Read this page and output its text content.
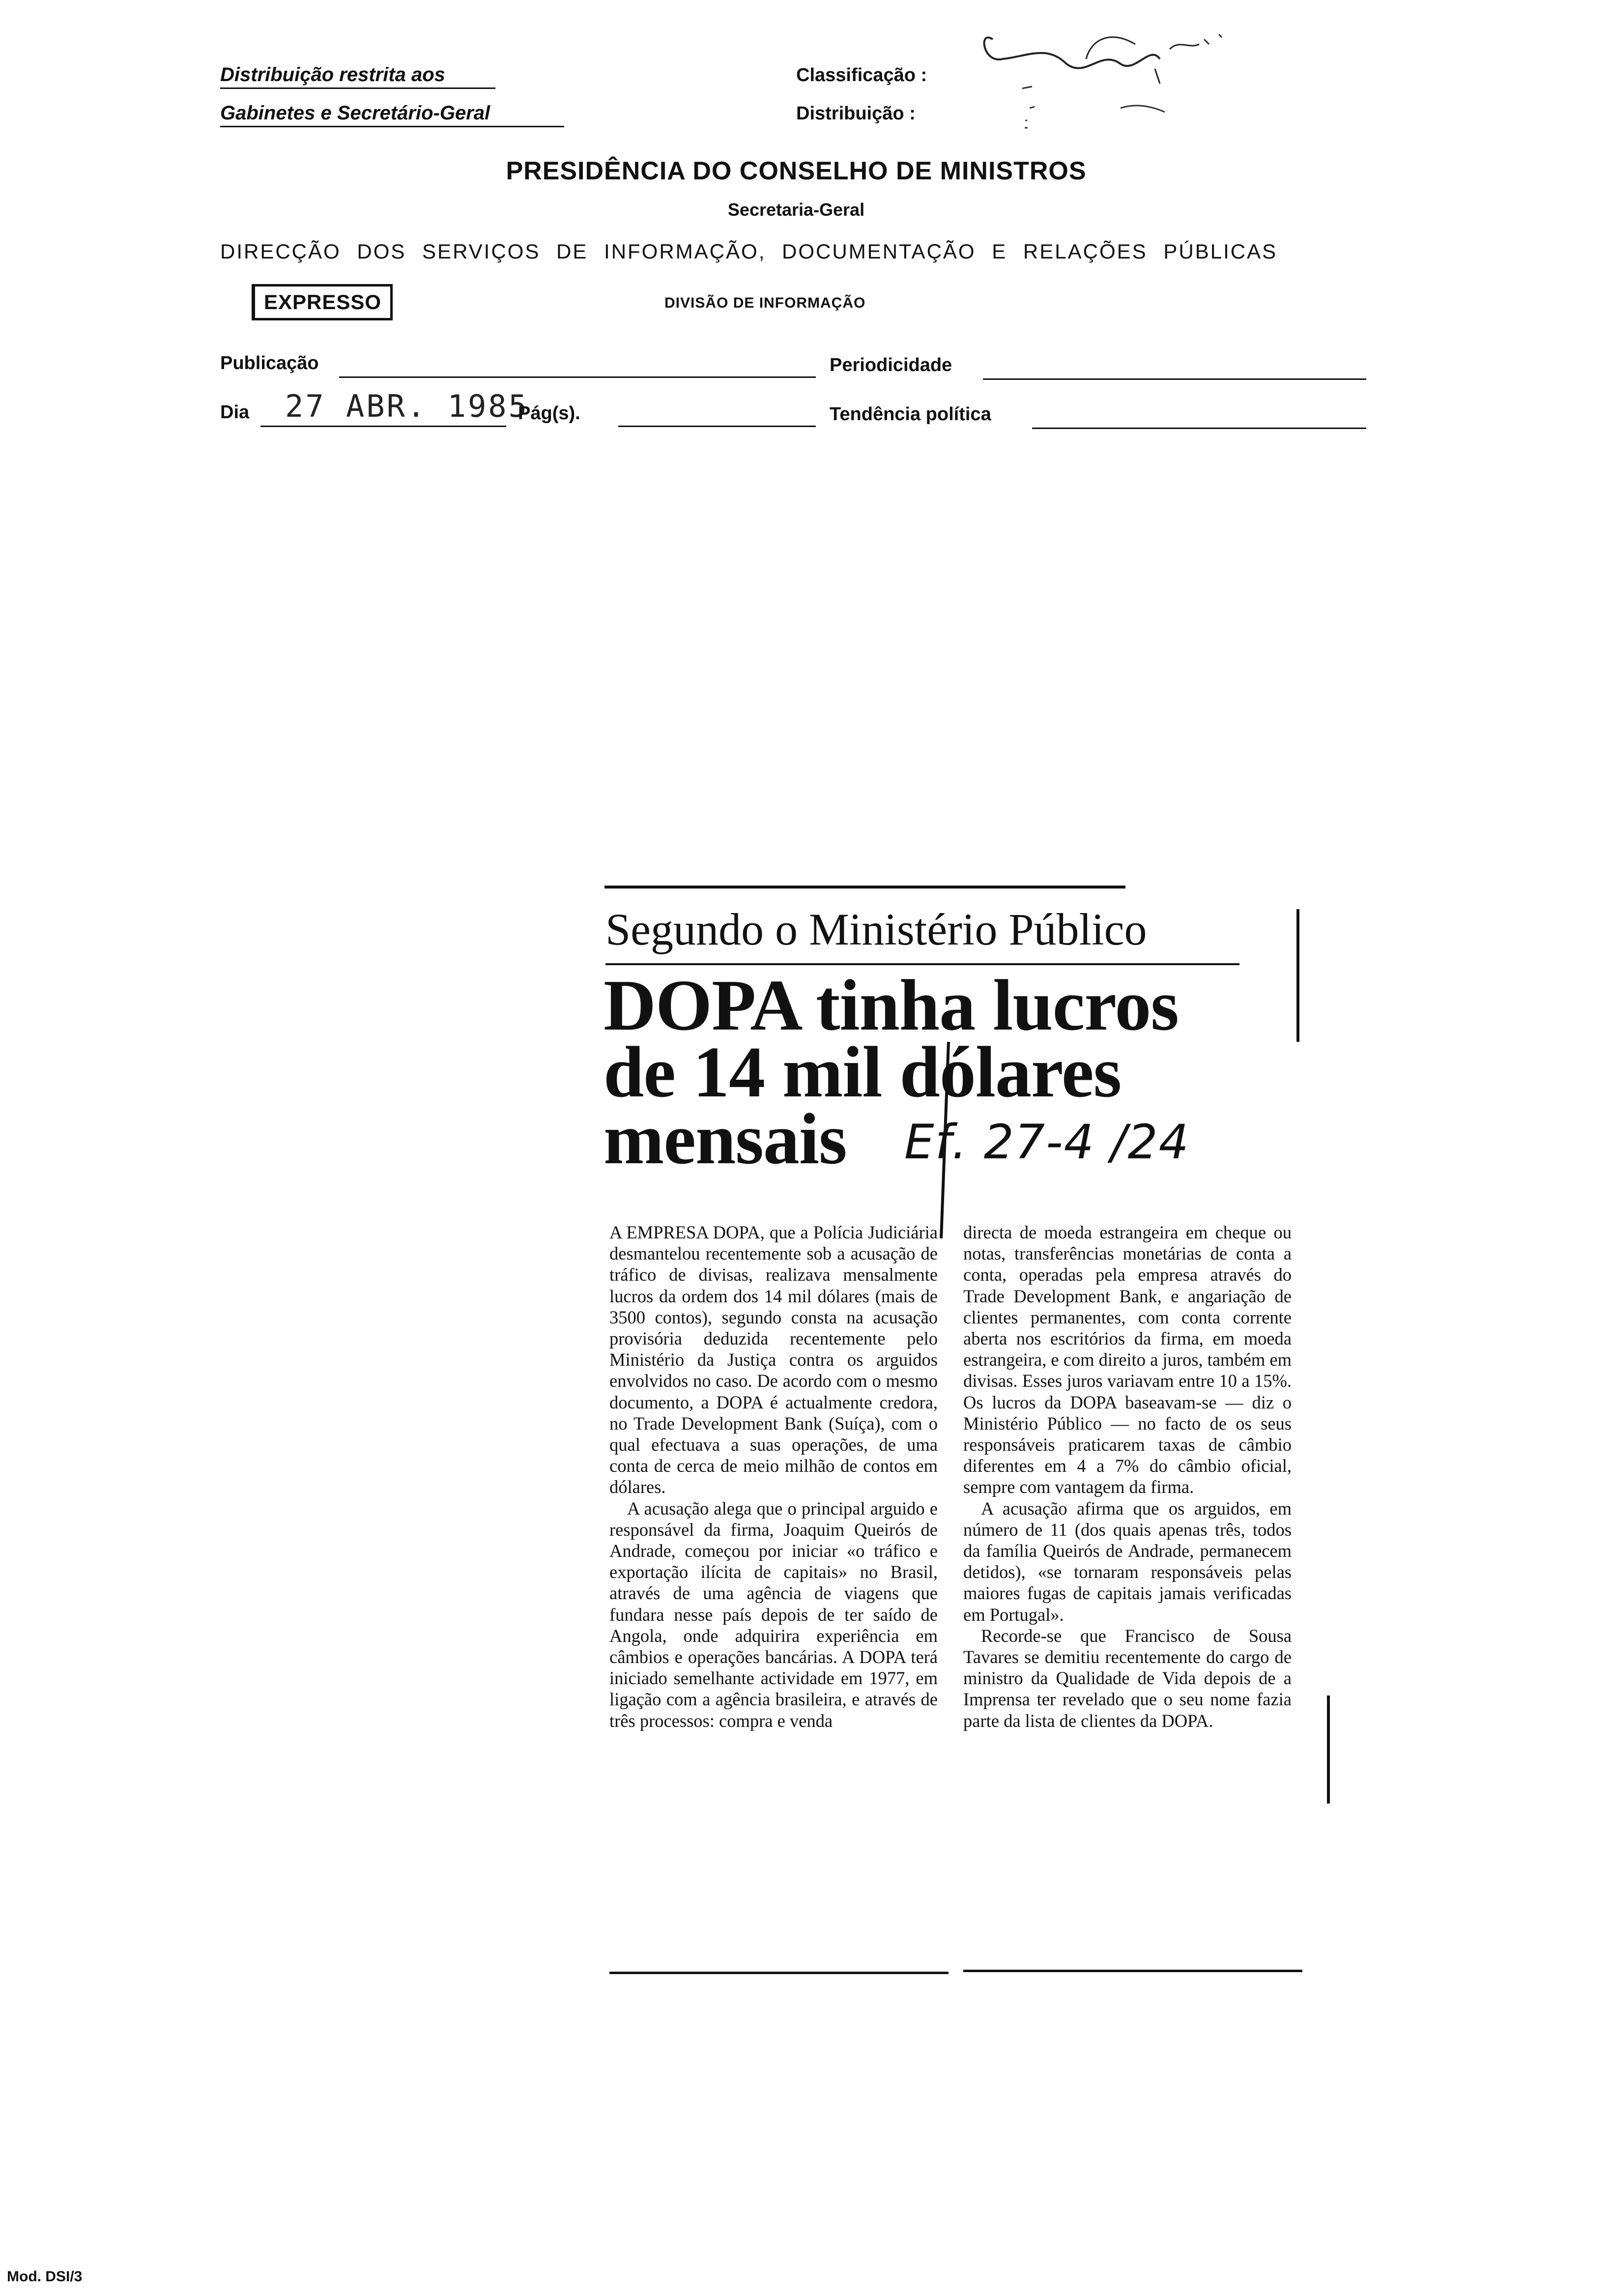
Distribuição restrita aos
Gabinetes e Secretário-Geral
Classificação :
Distribuição :
PRESIDÊNCIA DO CONSELHO DE MINISTROS
Secretaria-Geral
DIRECÇÃO DOS SERVIÇOS DE INFORMAÇÃO, DOCUMENTAÇÃO E RELAÇÕES PÚBLICAS
EXPRESSO	DIVISÃO DE INFORMAÇÃO
Publicação	Periodicidade
Dia 27 ABR. 1985
Pág(s).	Tendência política
Segundo o Ministério Público
DOPA tinha lucros
de 14 mil dólares
mensais Ef. 27-4 /24

A EMPRESA DOPA, que a Polícia Judiciária desmantelou recentemente sob a acusação de tráfico de divisas, realizava mensalmente lucros da ordem dos 14 mil dólares (mais de 3500 contos), segundo consta na acusação provisória deduzida recentemente pelo Ministério da Justiça contra os arguidos envolvidos no caso. De acordo com o mesmo documento, a DOPA é actualmente credora, no Trade Development Bank (Suíça), com o qual efectuava a suas operações, de uma conta de cerca de meio milhão de contos em dólares.

A acusação alega que o principal arguido e responsável da firma, Joaquim Queirós de Andrade, começou por iniciar «o tráfico e exportação ilícita de capitais» no Brasil, através de uma agência de viagens que fundara nesse país depois de ter saído de Angola, onde adquirira experiência em câmbios e operações bancárias. A DOPA terá iniciado semelhante actividade em 1977, em ligação com a agência brasileira, e através de três processos: compra e venda

directa de moeda estrangeira em cheque ou notas, transferências monetárias de conta a conta, operadas pela empresa através do Trade Development Bank, e angariação de clientes permanentes, com conta corrente aberta nos escritórios da firma, em moeda estrangeira, e com direito a juros, também em divisas. Esses juros variavam entre 10 a 15%. Os lucros da DOPA baseavam-se — diz o Ministério Público — no facto de os seus responsáveis praticarem taxas de câmbio diferentes em 4 a 7% do câmbio oficial, sempre com vantagem da firma.

A acusação afirma que os arguidos, em número de 11 (dos quais apenas três, todos da família Queirós de Andrade, permanecem detidos), «se tornaram responsáveis pelas maiores fugas de capitais jamais verificadas em Portugal».

Recorde-se que Francisco de Sousa Tavares se demitiu recentemente do cargo de ministro da Qualidade de Vida depois de a Imprensa ter revelado que o seu nome fazia parte da lista de clientes da DOPA.

Mod. DSI/3
